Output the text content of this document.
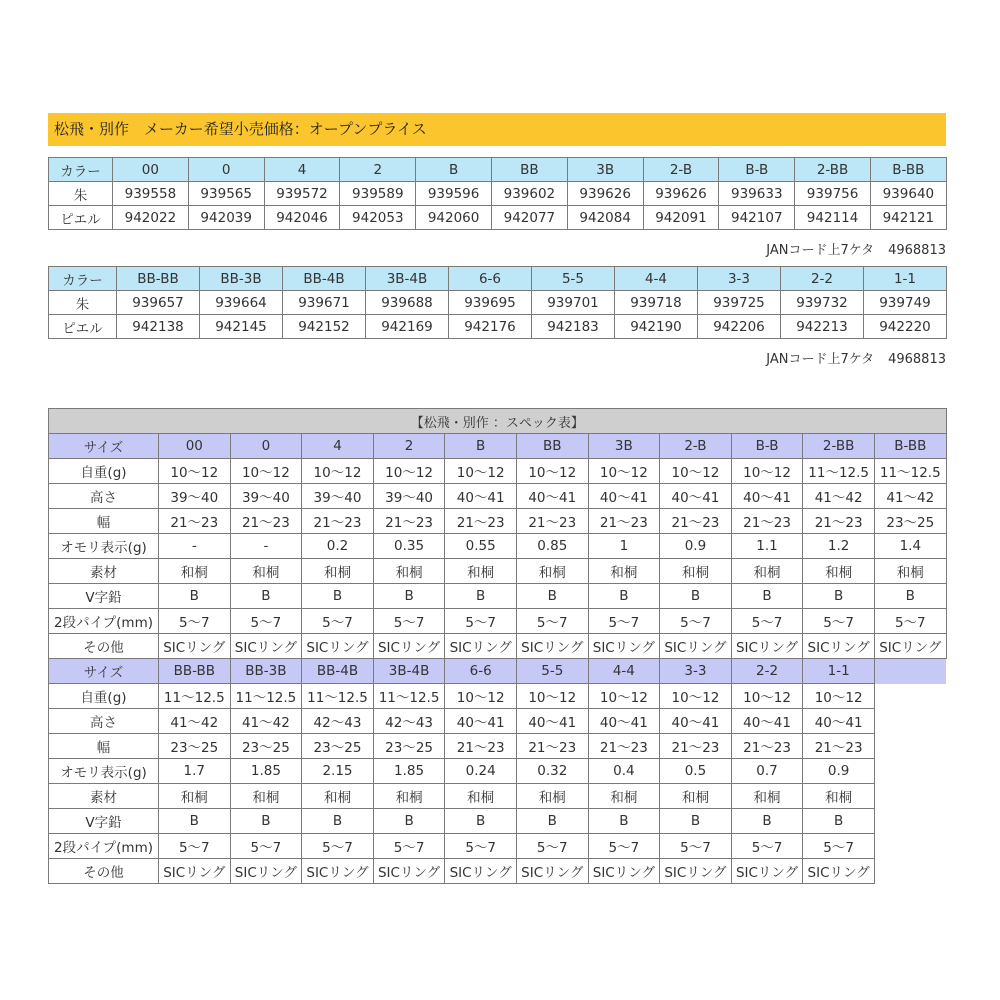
松飛・別作　メーカー希望小売価格：オープンプライス
カラー	00	0	4	2	B	BB	3B	2-B	B-B	2-BB	B-BB
朱	939558	939565	939572	939589	939596	939602	939626	939626	939633	939756	939640
ピエル	942022	942039	942046	942053	942060	942077	942084	942091	942107	942114	942121
JANコード上7ケタ 4968813
カラー	BB-BB	BB-3B	BB-4B	3B-4B	6-6	5-5	4-4	3-3	2-2	1-1
朱	939657	939664	939671	939688	939695	939701	939718	939725	939732	939749
ピエル	942138	942145	942152	942169	942176	942183	942190	942206	942213	942220
JANコード上7ケタ 4968813
【松飛・別作 ：スペック表】											
サイズ	00	0	4	2	B	BB	3B	2-B	B-B	2-BB	B-BB
自重(g)	10～12	10～12	10～12	10～12	10～12	10～12	10～12	10～12	10～12	11～12.5	11～12.5
高さ	39～40	39～40	39～40	39～40	40～41	40～41	40～41	40～41	40～41	41～42	41～42
幅	21～23	21～23	21～23	21～23	21～23	21～23	21～23	21～23	21～23	21～23	23～25
オモリ表示(g)	-	-	0.2	0.35	0.55	0.85	1	0.9	1.1	1.2	1.4
素材	和桐	和桐	和桐	和桐	和桐	和桐	和桐	和桐	和桐	和桐	和桐
V字鉛	B	B	B	B	B	B	B	B	B	B	B
2段パイプ(mm)	5～7	5～7	5～7	5～7	5～7	5～7	5～7	5～7	5～7	5～7	5～7
その他	SICリング	SICリング	SICリング	SICリング	SICリング	SICリング	SICリング	SICリング	SICリング	SICリング	SICリング
サイズ	BB-BB	BB-3B	BB-4B	3B-4B	6-6	5-5	4-4	3-3	2-2	1-1	
自重(g)	11～12.5	11～12.5	11～12.5	11～12.5	10～12	10～12	10～12	10～12	10～12	10～12	
高さ	41～42	41～42	42～43	42～43	40～41	40～41	40～41	40～41	40～41	40～41	
幅	23～25	23～25	23～25	23～25	21～23	21～23	21～23	21～23	21～23	21～23	
オモリ表示(g)	1.7	1.85	2.15	1.85	0.24	0.32	0.4	0.5	0.7	0.9	
素材	和桐	和桐	和桐	和桐	和桐	和桐	和桐	和桐	和桐	和桐	
V字鉛	B	B	B	B	B	B	B	B	B	B	
2段パイプ(mm)	5～7	5～7	5～7	5～7	5～7	5～7	5～7	5～7	5～7	5～7	
その他	SICリング	SICリング	SICリング	SICリング	SICリング	SICリング	SICリング	SICリング	SICリング	SICリング	
